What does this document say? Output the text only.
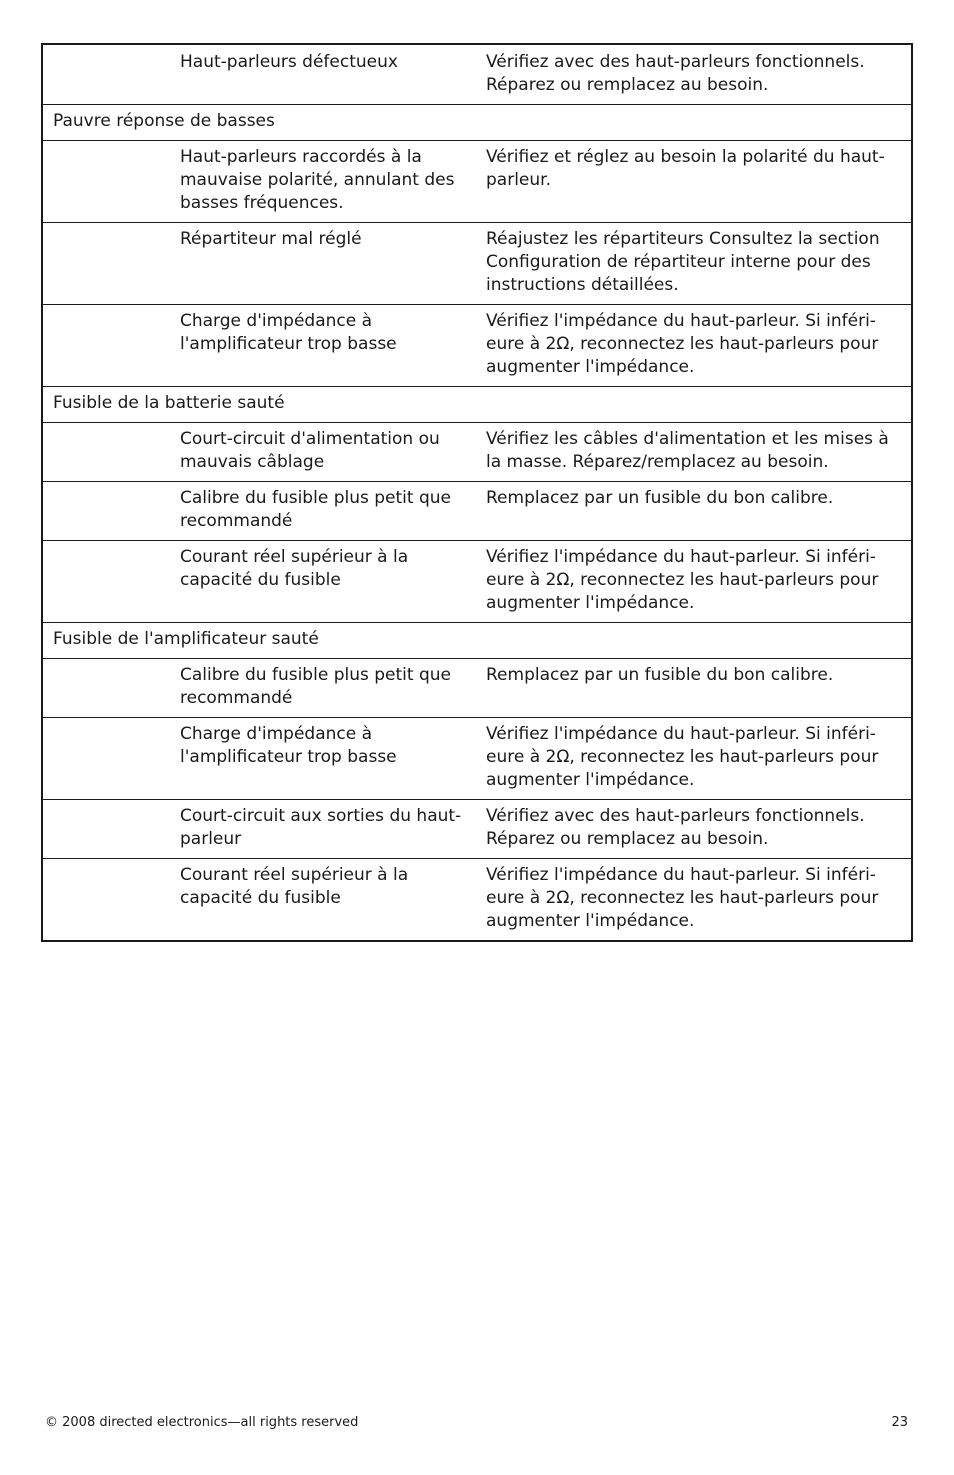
	Haut-parleurs défectueux	Vérifiez avec des haut-parleurs fonctionnels. Réparez ou remplacez au besoin.
Pauvre réponse de basses		
	Haut-parleurs raccordés à la mauvaise polarité, annulant des basses fréquences.	Vérifiez et réglez au besoin la polarité du haut-parleur.
	Répartiteur mal réglé	Réajustez les répartiteurs Consultez la section Configuration de répartiteur interne pour des instructions détaillées.
	Charge d'impédance à l'amplificateur trop basse	Vérifiez l'impédance du haut-parleur. Si inféri-eure à 2Ω, reconnectez les haut-parleurs pour augmenter l'impédance.
Fusible de la batterie sauté		
	Court-circuit d'alimentation ou mauvais câblage	Vérifiez les câbles d'alimentation et les mises à la masse. Réparez/remplacez au besoin.
	Calibre du fusible plus petit que recommandé	Remplacez par un fusible du bon calibre.
	Courant réel supérieur à la capacité du fusible	Vérifiez l'impédance du haut-parleur. Si inféri-eure à 2Ω, reconnectez les haut-parleurs pour augmenter l'impédance.
Fusible de l'amplificateur sauté		
	Calibre du fusible plus petit que recommandé	Remplacez par un fusible du bon calibre.
	Charge d'impédance à l'amplificateur trop basse	Vérifiez l'impédance du haut-parleur. Si inféri-eure à 2Ω, reconnectez les haut-parleurs pour augmenter l'impédance.
	Court-circuit aux sorties du haut-parleur	Vérifiez avec des haut-parleurs fonctionnels. Réparez ou remplacez au besoin.
	Courant réel supérieur à la capacité du fusible	Vérifiez l'impédance du haut-parleur. Si inféri-eure à 2Ω, reconnectez les haut-parleurs pour augmenter l'impédance.
© 2008 directed electronics—all rights reserved	23
